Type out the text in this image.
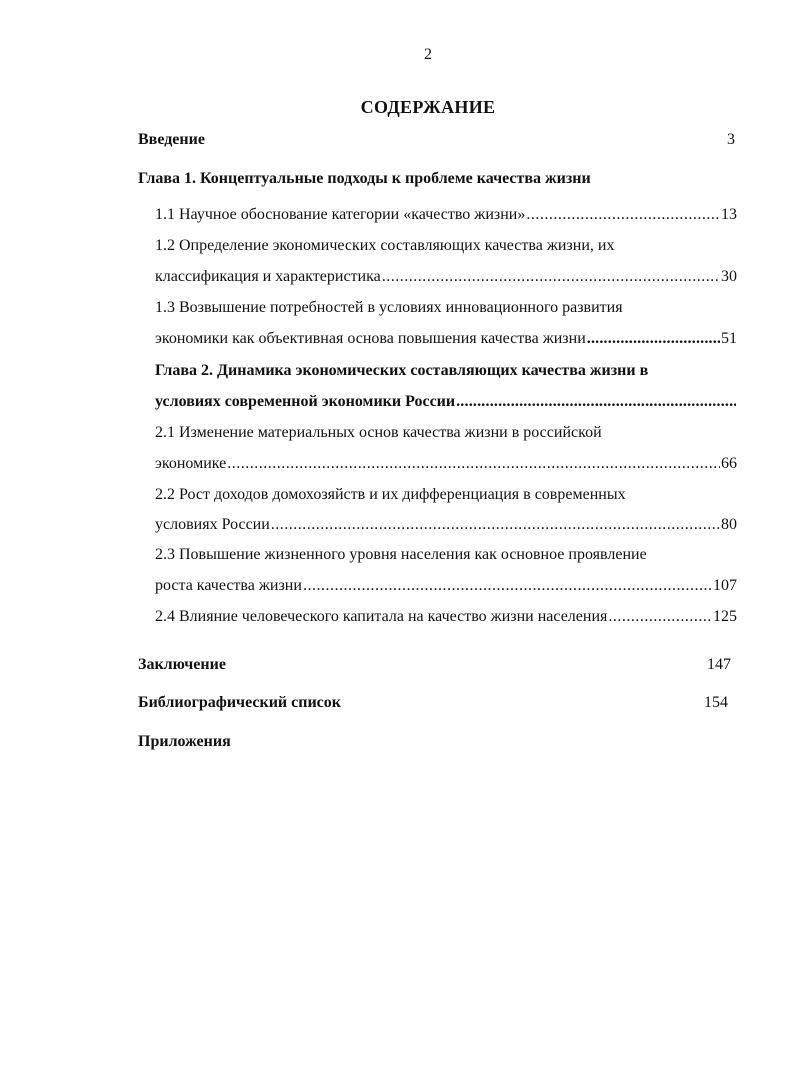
2
СОДЕРЖАНИЕ
Введение	3
Глава 1. Концептуальные подходы к проблеме качества жизни
1.1 Научное обоснование категории «качество жизни» .....	13
1.2 Определение экономических составляющих качества жизни, их
классификация и характеристика .....	30
1.3 Возвышение потребностей в условиях инновационного развития
экономики как объективная основа повышения качества жизни .....	51
Глава 2. Динамика экономических составляющих качества жизни в
условиях современной экономики России
.....
2.1 Изменение материальных основ качества жизни в российской
экономике .....	66
2.2 Рост доходов домохозяйств и их дифференциация в современных
условиях России .....	80
2.3 Повышение жизненного уровня населения как основное проявление
роста качества жизни .....	107
2.4 Влияние человеческого капитала на качество жизни населения .....	125
Заключение	147
Библиографический список	154
Приложения
